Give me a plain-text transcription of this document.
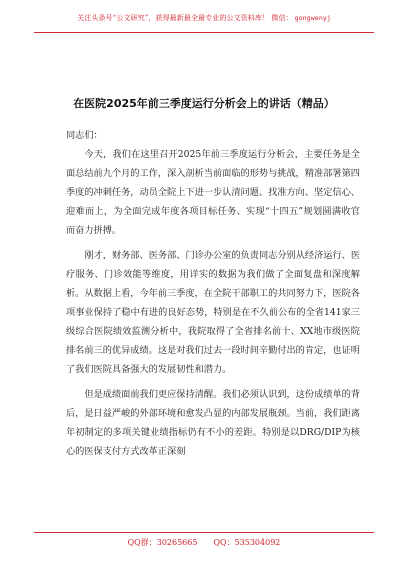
关注头条号“公文研究”，获得最新最全最专业的公文资料库！ 微信： gongwenyj
在医院2025年前三季度运行分析会上的讲话（精品）

同志们：

今天，我们在这里召开2025年前三季度运行分析会，主要任务是全面总结前九个月的工作，深入剖析当前面临的形势与挑战，精准部署第四季度的冲刺任务，动员全院上下进一步认清问题、找准方向、坚定信心、迎难而上，为全面完成年度各项目标任务、实现“十四五”规划圆满收官而奋力拼搏。

刚才，财务部、医务部、门诊办公室的负责同志分别从经济运行、医疗服务、门诊效能等维度，用详实的数据为我们做了全面复盘和深度解析。从数据上看，今年前三季度，在全院干部职工的共同努力下，医院各项事业保持了稳中有进的良好态势，特别是在不久前公布的全省141家三级综合医院绩效监测分析中，我院取得了全省排名前十、XX地市级医院排名前三的优异成绩。这是对我们过去一段时间辛勤付出的肯定，也证明了我们医院具备强大的发展韧性和潜力。

但是成绩面前我们更应保持清醒。我们必须认识到，这份成绩单的背后，是日益严峻的外部环境和愈发凸显的内部发展瓶颈。当前，我们距离年初制定的多项关键业绩指标仍有不小的差距。特别是以DRG/DIP为核心的医保支付方式改革正深刻

QQ群：30265665 QQ：535304092
